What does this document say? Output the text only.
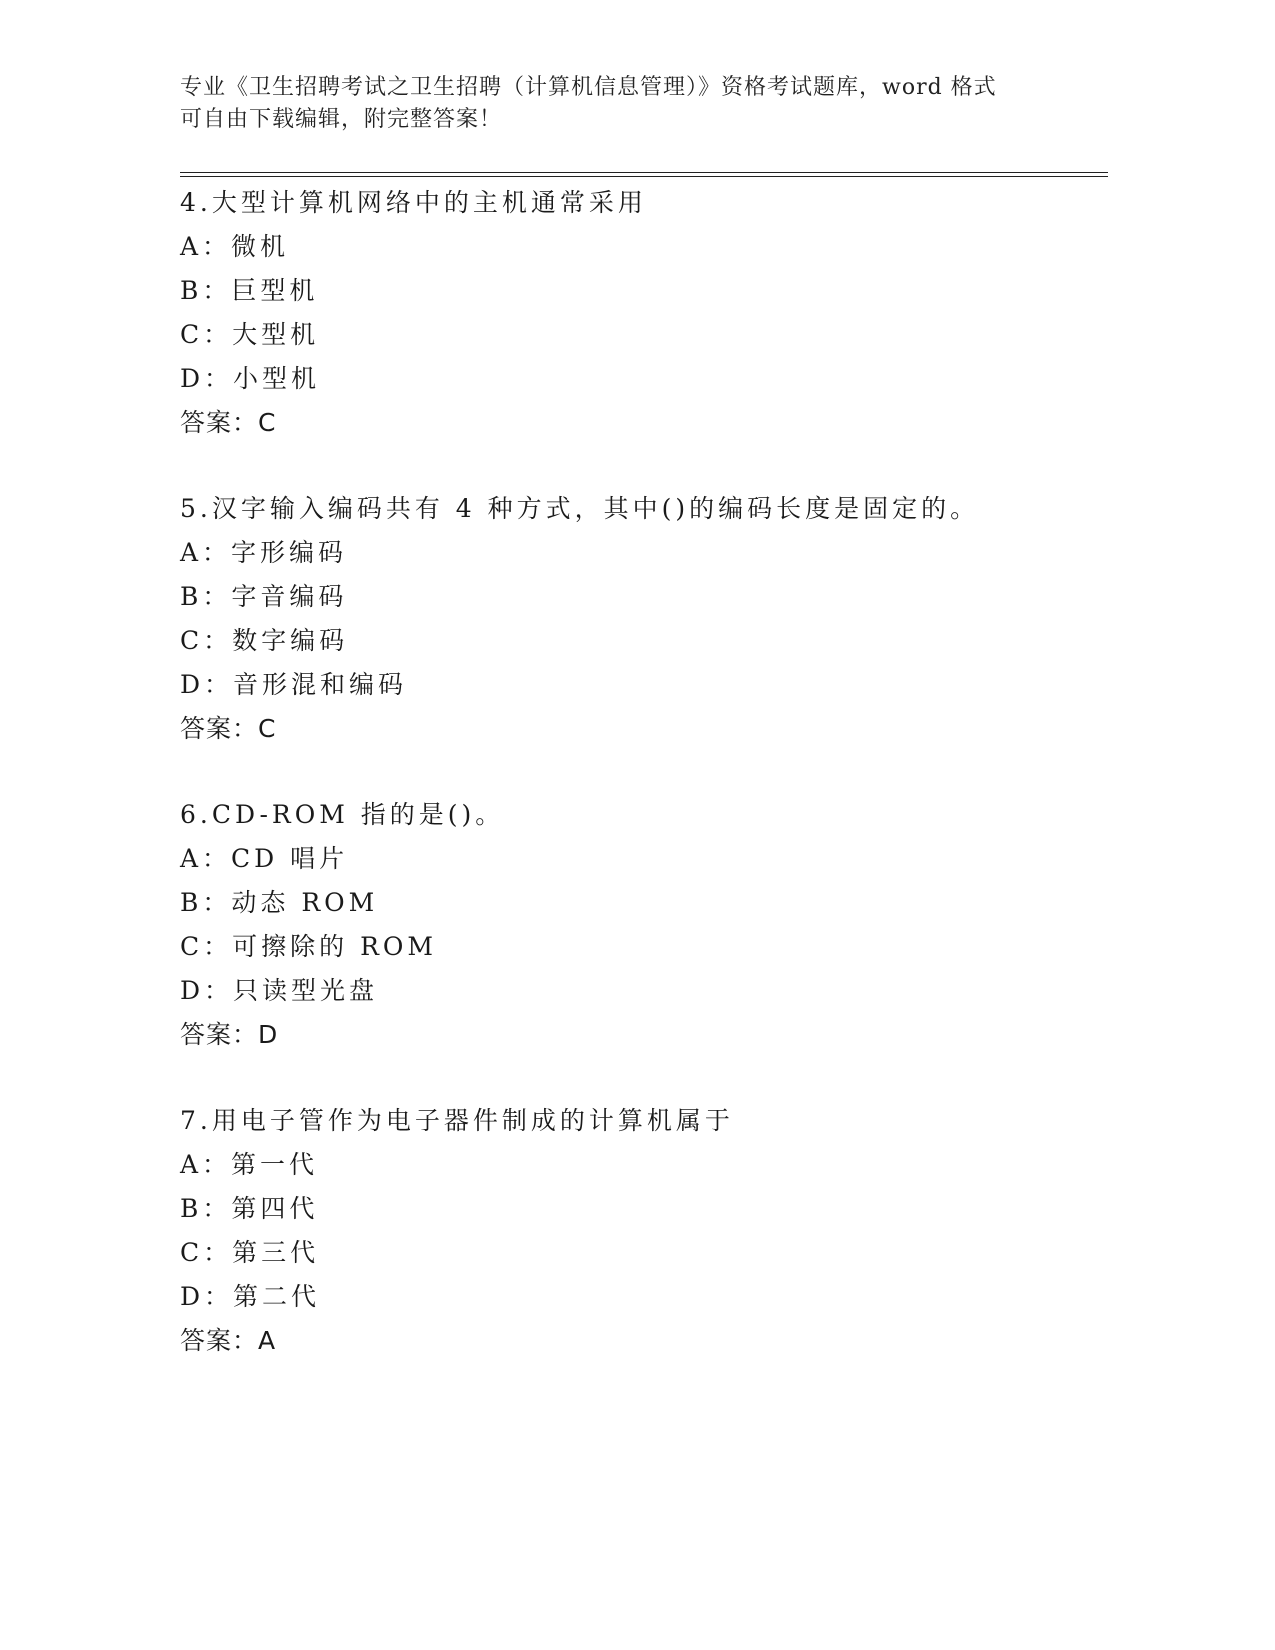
专业《卫生招聘考试之卫生招聘（计算机信息管理）》资格考试题库，word 格式
可自由下载编辑，附完整答案！
4.大型计算机网络中的主机通常采用
A：微机
B：巨型机
C：大型机
D：小型机
答案：C
5.汉字输入编码共有 4 种方式，其中()的编码长度是固定的。
A：字形编码
B：字音编码
C：数字编码
D：音形混和编码
答案：C
6.CD-ROM 指的是()。
A：CD 唱片
B：动态 ROM
C：可擦除的 ROM
D：只读型光盘
答案：D
7.用电子管作为电子器件制成的计算机属于
A：第一代
B：第四代
C：第三代
D：第二代
答案：A
